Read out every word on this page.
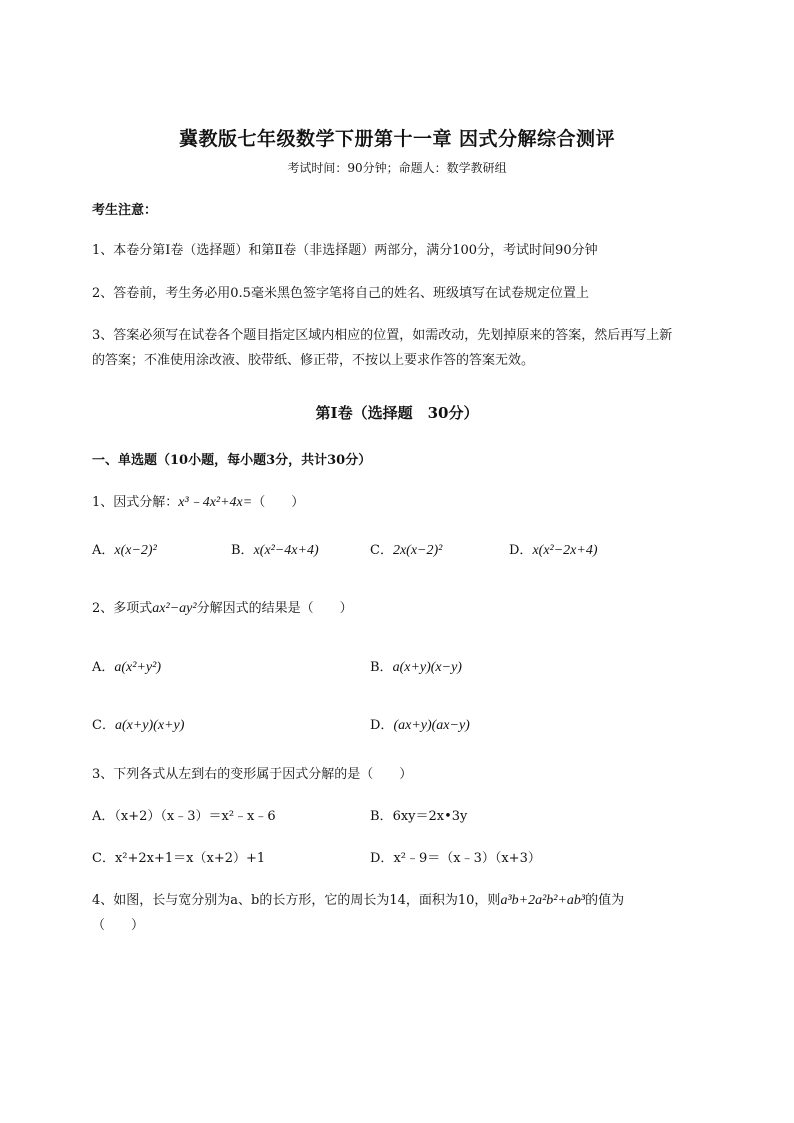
冀教版七年级数学下册第十一章 因式分解综合测评
考试时间：90分钟；命题人：数学教研组
考生注意：
1、本卷分第Ⅰ卷（选择题）和第Ⅱ卷（非选择题）两部分，满分100分，考试时间90分钟
2、答卷前，考生务必用0.5毫米黑色签字笔将自己的姓名、班级填写在试卷规定位置上
3、答案必须写在试卷各个题目指定区域内相应的位置，如需改动，先划掉原来的答案，然后再写上新
的答案；不准使用涂改液、胶带纸、修正带，不按以上要求作答的答案无效。
第Ⅰ卷（选择题　30分）
一、单选题（10小题，每小题3分，共计30分）
1、因式分解：x³﹣4x²+4x=（　　）
A．x(x−2)²	B．x(x²−4x+4)	C．2x(x−2)²	D．x(x²−2x+4)
2、多项式ax²−ay²分解因式的结果是（　　）
A．a(x²+y²)	B．a(x+y)(x−y)
C．a(x+y)(x+y)	D．(ax+y)(ax−y)
3、下列各式从左到右的变形属于因式分解的是（　　）
A．（x+2）（x﹣3）＝x²﹣x﹣6	B．6xy＝2x•3y
C．x²+2x+1＝x（x+2）+1	D．x²﹣9＝（x﹣3）（x+3）
4、如图，长与宽分别为a、b的长方形，它的周长为14，面积为10，则a³b+2a²b²+ab³的值为
（　　）
